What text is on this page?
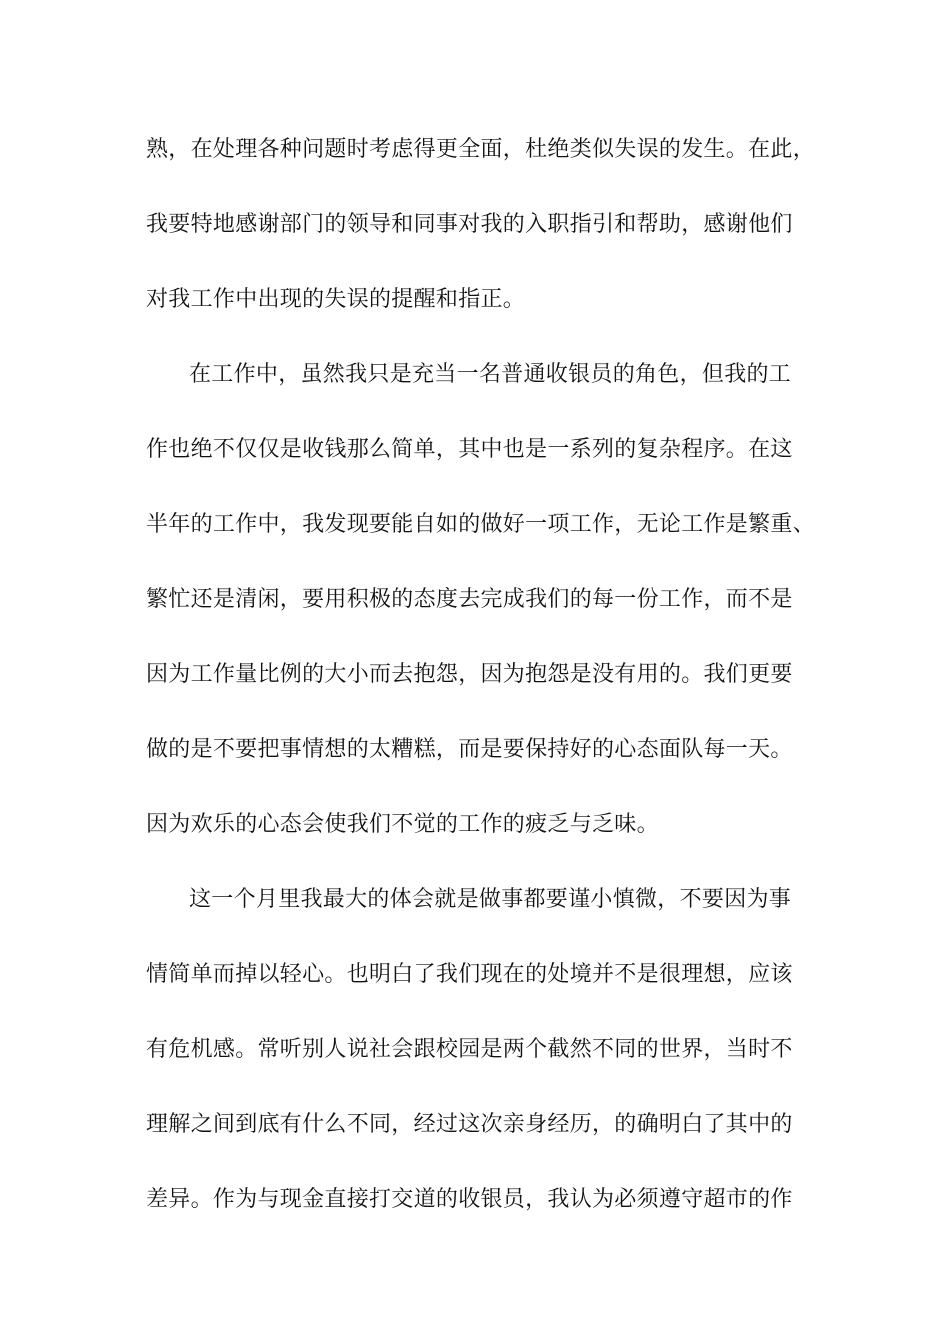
熟，在处理各种问题时考虑得更全面，杜绝类似失误的发生。在此，

我要特地感谢部门的领导和同事对我的入职指引和帮助，感谢他们

对我工作中出现的失误的提醒和指正。

在工作中，虽然我只是充当一名普通收银员的角色，但我的工

作也绝不仅仅是收钱那么简单，其中也是一系列的复杂程序。在这

半年的工作中，我发现要能自如的做好一项工作，无论工作是繁重、

繁忙还是清闲，要用积极的态度去完成我们的每一份工作，而不是

因为工作量比例的大小而去抱怨，因为抱怨是没有用的。我们更要

做的是不要把事情想的太糟糕，而是要保持好的心态面队每一天。

因为欢乐的心态会使我们不觉的工作的疲乏与乏味。

这一个月里我最大的体会就是做事都要谨小慎微，不要因为事

情简单而掉以轻心。也明白了我们现在的处境并不是很理想，应该

有危机感。常听别人说社会跟校园是两个截然不同的世界，当时不

理解之间到底有什么不同，经过这次亲身经历，的确明白了其中的

差异。作为与现金直接打交道的收银员，我认为必须遵守超市的作
